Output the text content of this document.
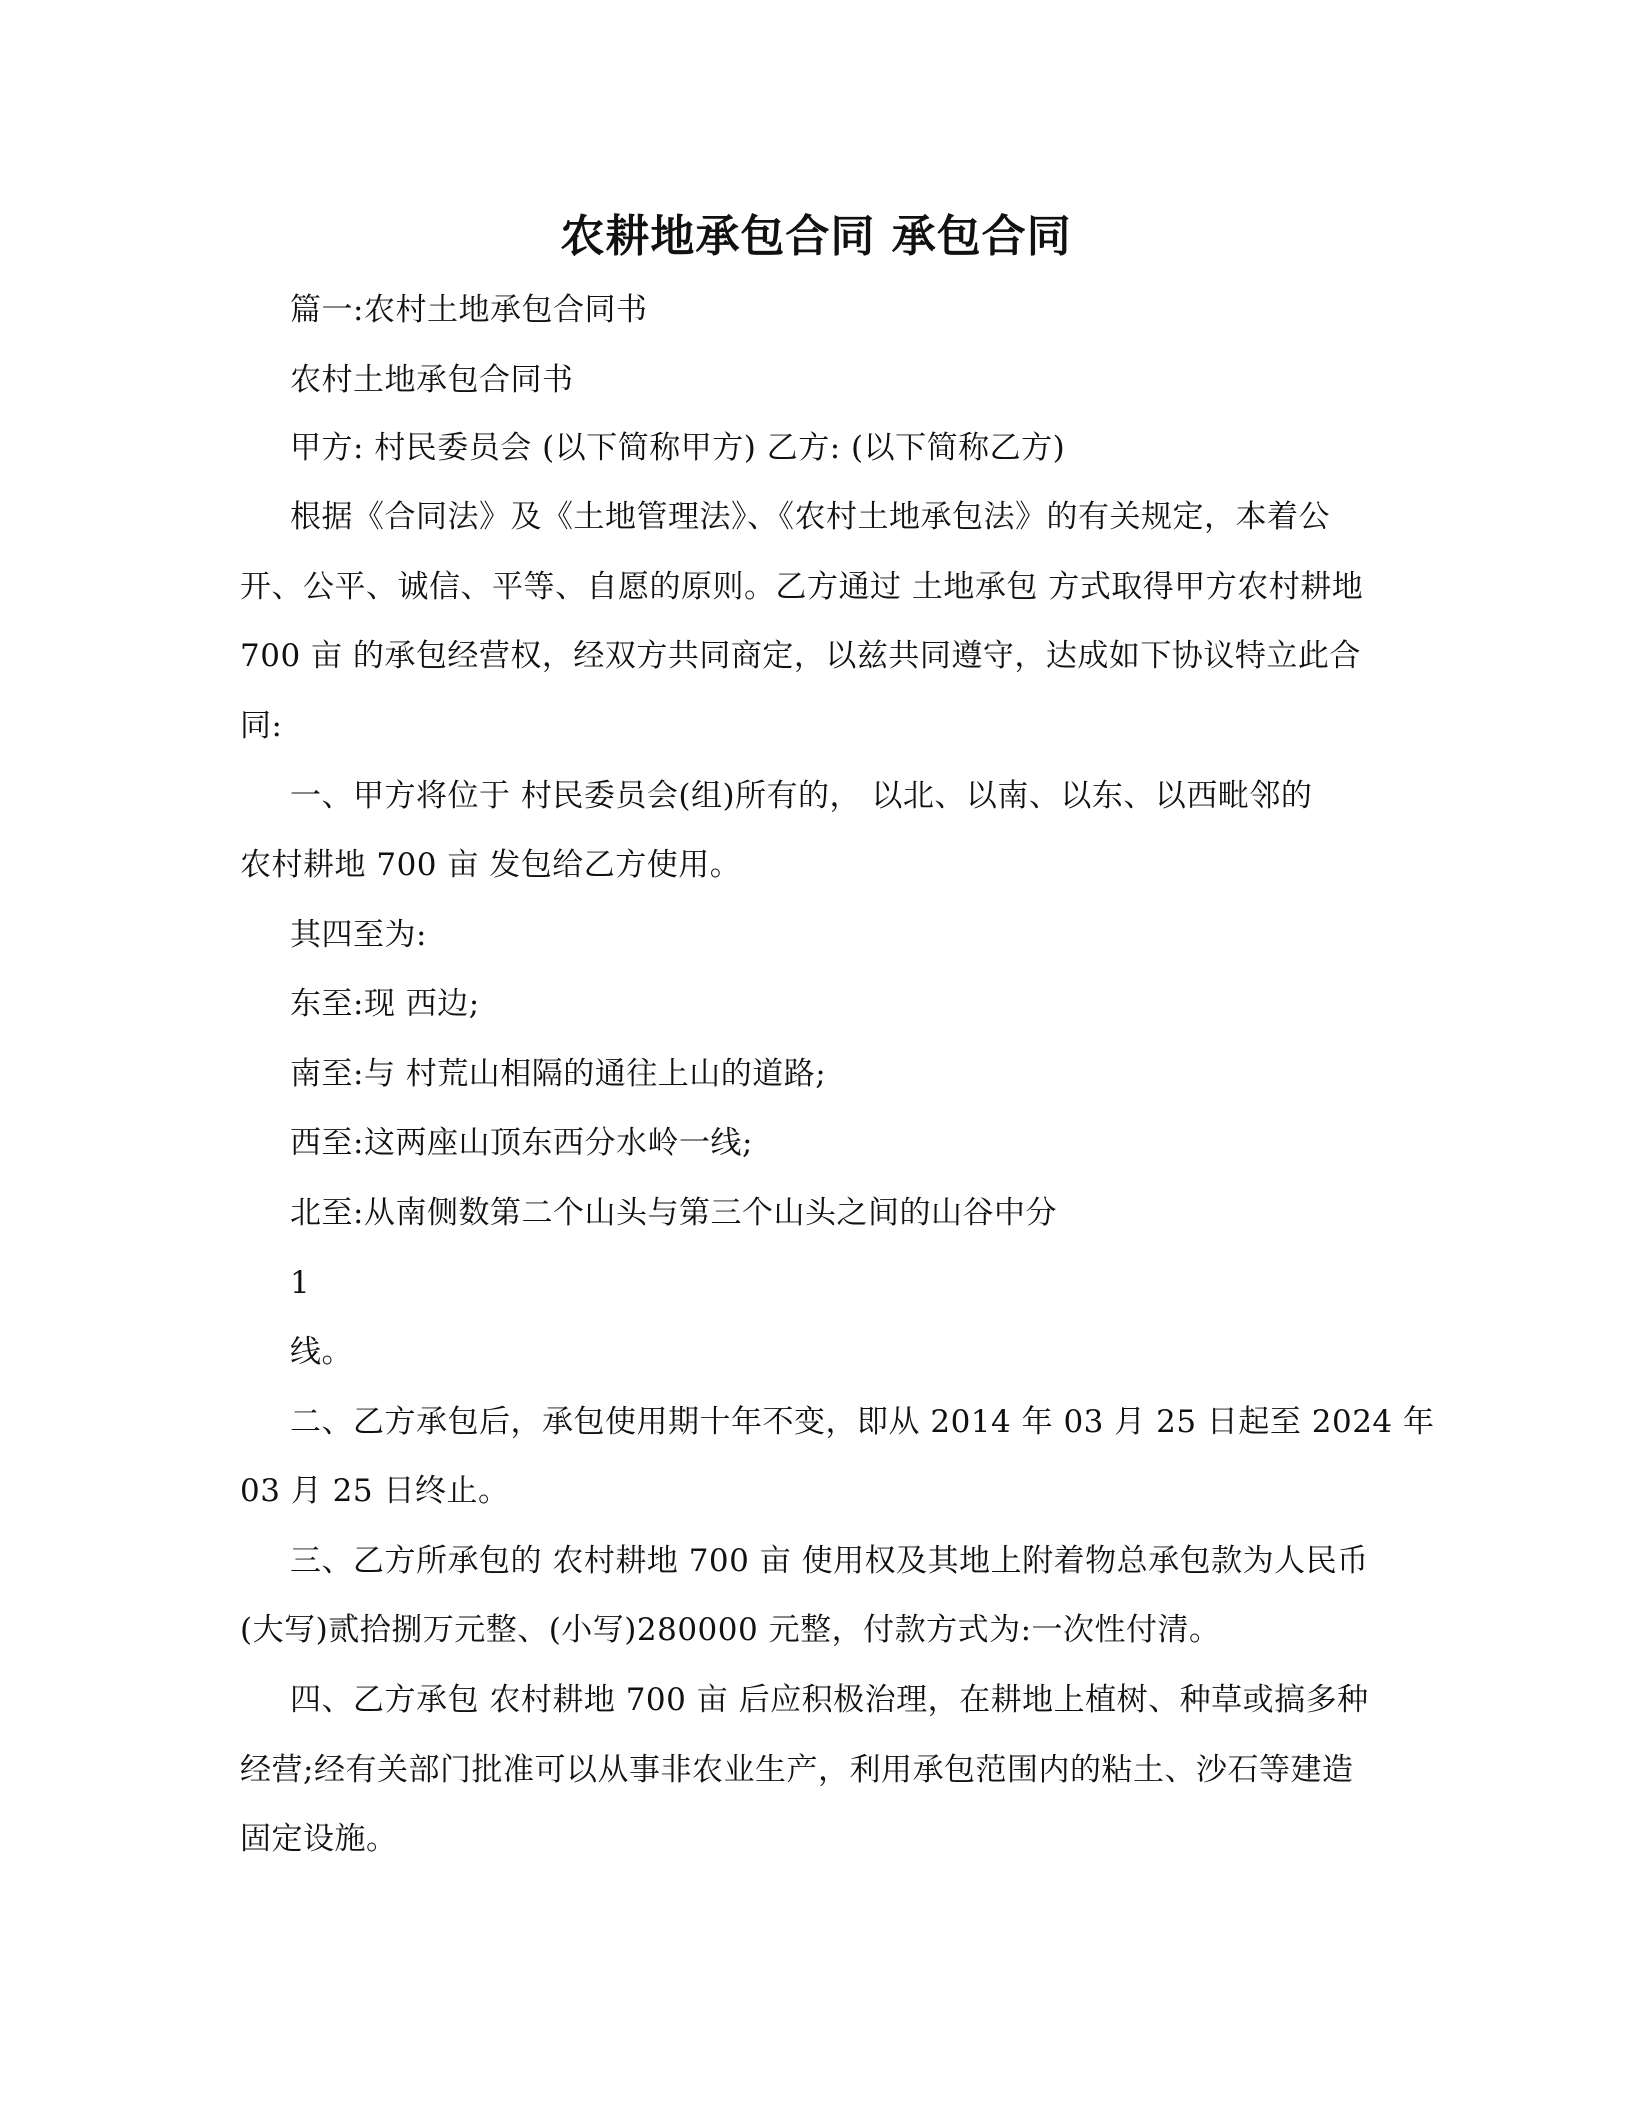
农耕地承包合同 承包合同
篇一:农村土地承包合同书
农村土地承包合同书
甲方: 村民委员会 (以下简称甲方) 乙方: (以下简称乙方)
根据《合同法》及《土地管理法》、《农村土地承包法》的有关规定，本着公
开、公平、诚信、平等、自愿的原则。乙方通过 土地承包 方式取得甲方农村耕地
700 亩 的承包经营权，经双方共同商定，以兹共同遵守，达成如下协议特立此合
同:
一、甲方将位于 村民委员会(组)所有的， 以北、以南、以东、以西毗邻的
农村耕地 700 亩 发包给乙方使用。
其四至为:
东至:现 西边;
南至:与 村荒山相隔的通往上山的道路;
西至:这两座山顶东西分水岭一线;
北至:从南侧数第二个山头与第三个山头之间的山谷中分
1
线。
二、乙方承包后，承包使用期十年不变，即从 2014 年 03 月 25 日起至 2024 年
03 月 25 日终止。
三、乙方所承包的 农村耕地 700 亩 使用权及其地上附着物总承包款为人民币
(大写)贰拾捌万元整、(小写)280000 元整，付款方式为:一次性付清。
四、乙方承包 农村耕地 700 亩 后应积极治理，在耕地上植树、种草或搞多种
经营;经有关部门批准可以从事非农业生产，利用承包范围内的粘土、沙石等建造
固定设施。
